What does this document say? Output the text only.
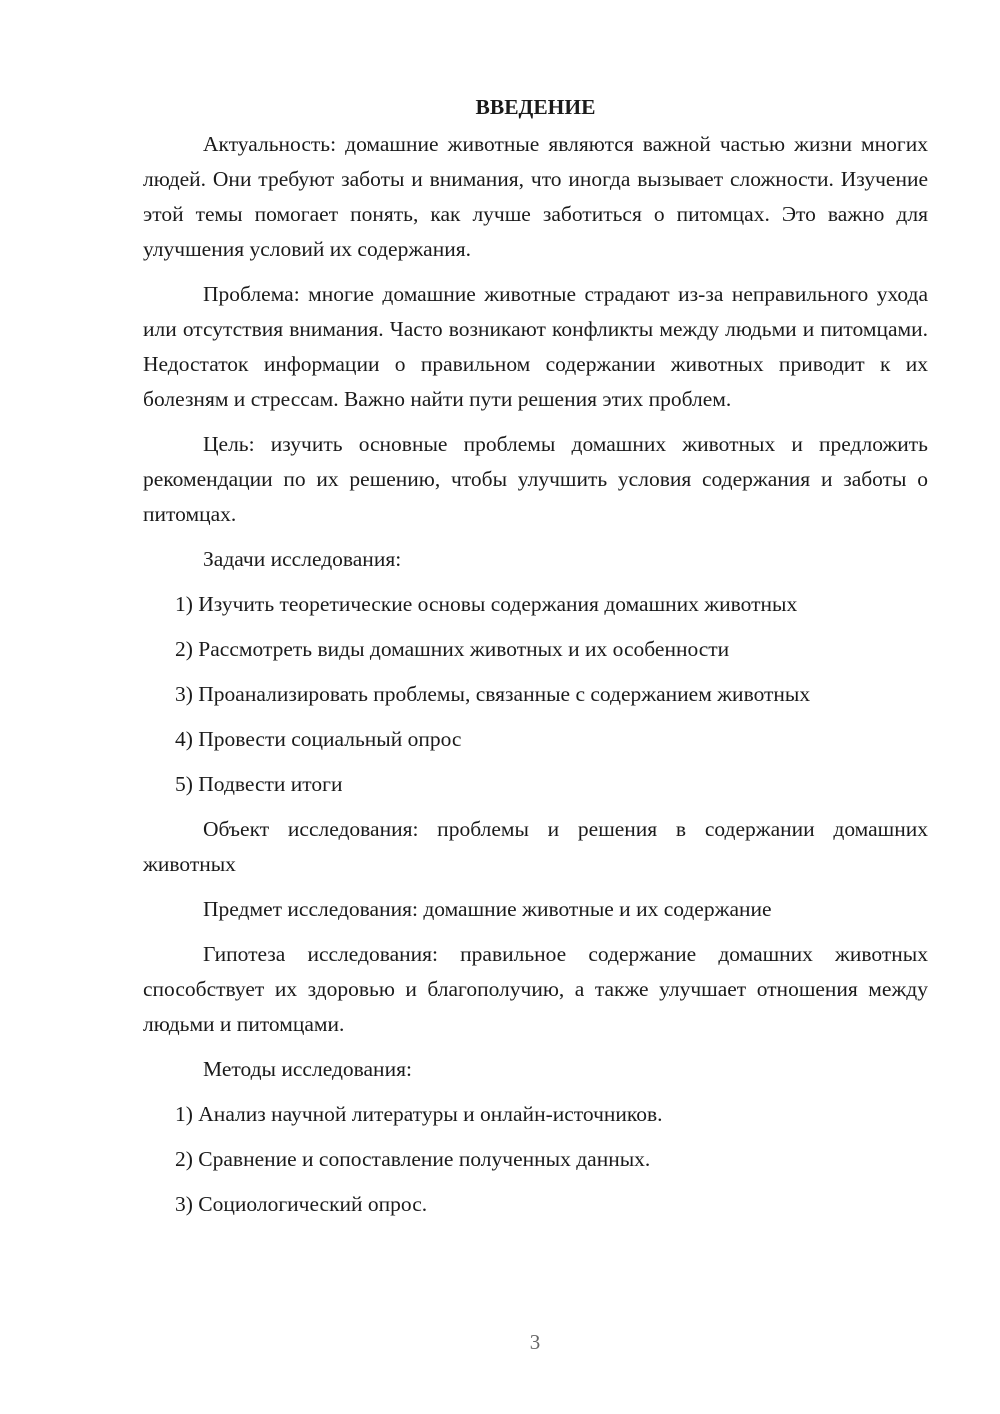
ВВЕДЕНИЕ

Актуальность: домашние животные являются важной частью жизни многих людей. Они требуют заботы и внимания, что иногда вызывает сложности. Изучение этой темы помогает понять, как лучше заботиться о питомцах. Это важно для улучшения условий их содержания.

Проблема: многие домашние животные страдают из-за неправильного ухода или отсутствия внимания. Часто возникают конфликты между людьми и питомцами. Недостаток информации о правильном содержании животных приводит к их болезням и стрессам. Важно найти пути решения этих проблем.

Цель: изучить основные проблемы домашних животных и предложить рекомендации по их решению, чтобы улучшить условия содержания и заботы о питомцах.

Задачи исследования:

1) Изучить теоретические основы содержания домашних животных

2) Рассмотреть виды домашних животных и их особенности

3) Проанализировать проблемы, связанные с содержанием животных

4) Провести социальный опрос

5) Подвести итоги

Объект исследования: проблемы и решения в содержании домашних животных

Предмет исследования: домашние животные и их содержание

Гипотеза исследования: правильное содержание домашних животных способствует их здоровью и благополучию, а также улучшает отношения между людьми и питомцами.

Методы исследования:

1) Анализ научной литературы и онлайн-источников.

2) Сравнение и сопоставление полученных данных.

3) Социологический опрос.

3
